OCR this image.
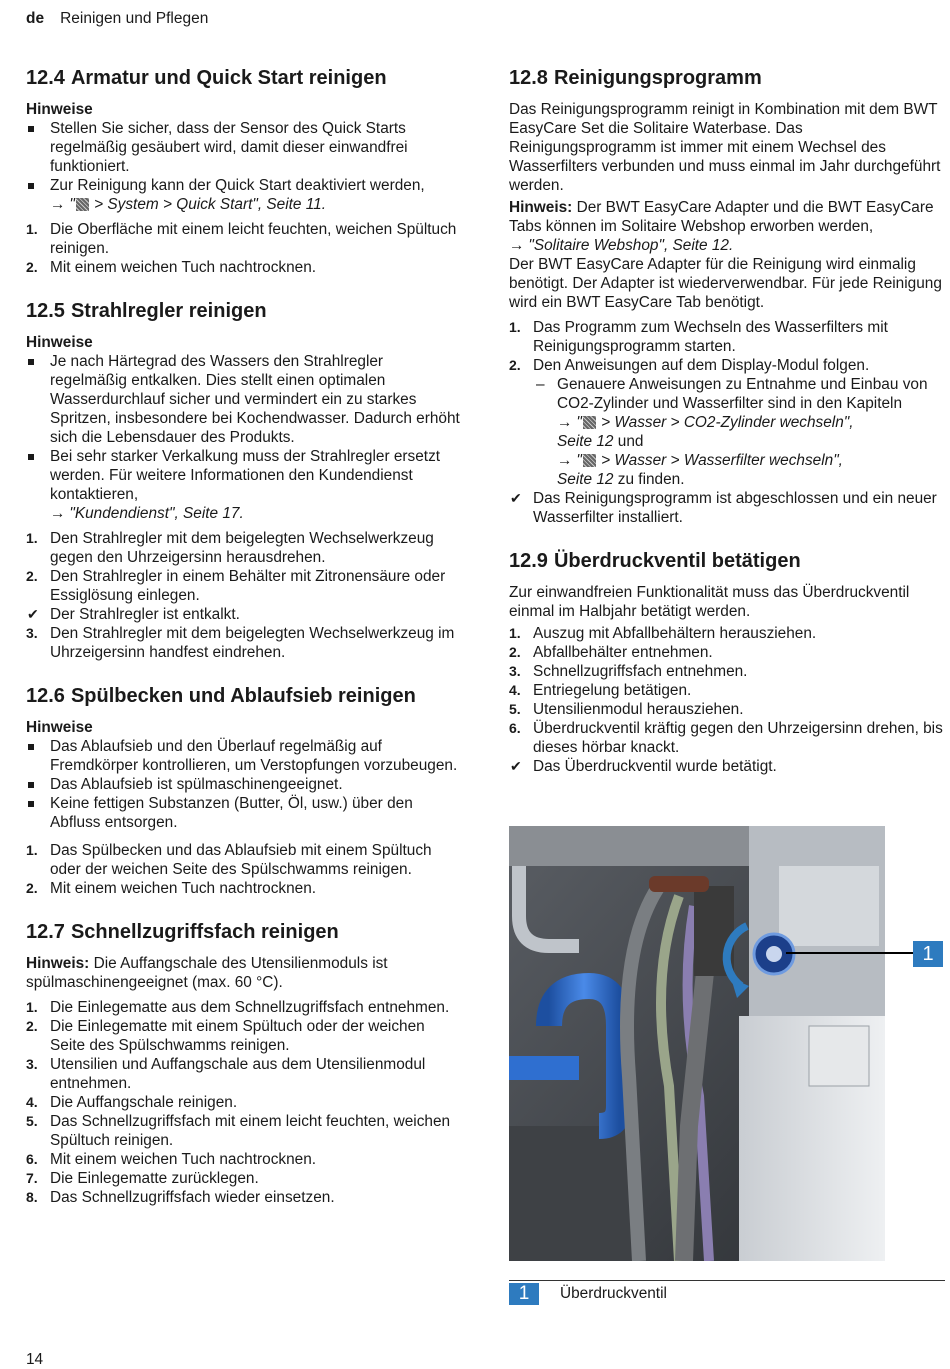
de Reinigen und Pflegen
12.4 Armatur und Quick Start reinigen

Hinweise

Stellen Sie sicher, dass der Sensor des Quick Starts regelmäßig gesäubert wird, damit dieser einwandfrei funktioniert.
Zur Reinigung kann der Quick Start deaktiviert werden,
→ " > System > Quick Start", Seite 11.
1. Die Oberfläche mit einem leicht feuchten, weichen Spültuch reinigen.
2. Mit einem weichen Tuch nachtrocknen.
12.5 Strahlregler reinigen

Hinweise

Je nach Härtegrad des Wassers den Strahlregler regelmäßig entkalken. Dies stellt einen optimalen Wasserdurchlauf sicher und vermindert ein zu starkes Spritzen, insbesondere bei Kochendwasser. Dadurch erhöht sich die Lebensdauer des Produkts.
Bei sehr starker Verkalkung muss der Strahlregler ersetzt werden. Für weitere Informationen den Kundendienst kontaktieren,
→ "Kundendienst", Seite 17.
1. Den Strahlregler mit dem beigelegten Wechselwerkzeug gegen den Uhrzeigersinn herausdrehen.
2. Den Strahlregler in einem Behälter mit Zitronensäure oder Essiglösung einlegen.
✔ Der Strahlregler ist entkalkt.
3. Den Strahlregler mit dem beigelegten Wechselwerkzeug im Uhrzeigersinn handfest eindrehen.
12.6 Spülbecken und Ablaufsieb reinigen

Hinweise

Das Ablaufsieb und den Überlauf regelmäßig auf Fremdkörper kontrollieren, um Verstopfungen vorzubeugen.
Das Ablaufsieb ist spülmaschinengeeignet.
Keine fettigen Substanzen (Butter, Öl, usw.) über den Abfluss entsorgen.
1. Das Spülbecken und das Ablaufsieb mit einem Spültuch oder der weichen Seite des Spülschwamms reinigen.
2. Mit einem weichen Tuch nachtrocknen.
12.7 Schnellzugriffsfach reinigen

Hinweis: Die Auffangschale des Utensilienmoduls ist spülmaschinengeeignet (max. 60 °C).

1. Die Einlegematte aus dem Schnellzugriffsfach entnehmen.
2. Die Einlegematte mit einem Spültuch oder der weichen Seite des Spülschwamms reinigen.
3. Utensilien und Auffangschale aus dem Utensilienmodul entnehmen.
4. Die Auffangschale reinigen.
5. Das Schnellzugriffsfach mit einem leicht feuchten, weichen Spültuch reinigen.
6. Mit einem weichen Tuch nachtrocknen.
7. Die Einlegematte zurücklegen.
8. Das Schnellzugriffsfach wieder einsetzen.
12.8 Reinigungsprogramm

Das Reinigungsprogramm reinigt in Kombination mit dem BWT EasyCare Set die Solitaire Waterbase. Das Reinigungsprogramm ist immer mit einem Wechsel des Wasserfilters verbunden und muss einmal im Jahr durchgeführt werden.

Hinweis: Der BWT EasyCare Adapter und die BWT EasyCare Tabs können im Solitaire Webshop erworben werden,

→ "Solitaire Webshop", Seite 12.

Der BWT EasyCare Adapter für die Reinigung wird einmalig benötigt. Der Adapter ist wiederverwendbar. Für jede Reinigung wird ein BWT EasyCare Tab benötigt.

1. Das Programm zum Wechseln des Wasserfilters mit Reinigungsprogramm starten.
2. Den Anweisungen auf dem Display-Modul folgen.
– Genauere Anweisungen zu Entnahme und Einbau von CO2-Zylinder und Wasserfilter sind in den Kapiteln
→ " > Wasser > CO2-Zylinder wechseln",
Seite 12 und
→ " > Wasser > Wasserfilter wechseln",
Seite 12 zu finden.
✔ Das Reinigungsprogramm ist abgeschlossen und ein neuer Wasserfilter installiert.
12.9 Überdruckventil betätigen

Zur einwandfreien Funktionalität muss das Überdruckventil einmal im Halbjahr betätigt werden.

1. Auszug mit Abfallbehältern herausziehen.
2. Abfallbehälter entnehmen.
3. Schnellzugriffsfach entnehmen.
4. Entriegelung betätigen.
5. Utensilienmodul herausziehen.
6. Überdruckventil kräftig gegen den Uhrzeigersinn drehen, bis dieses hörbar knackt.
✔ Das Überdruckventil wurde betätigt.
1
1	Überdruckventil
14
